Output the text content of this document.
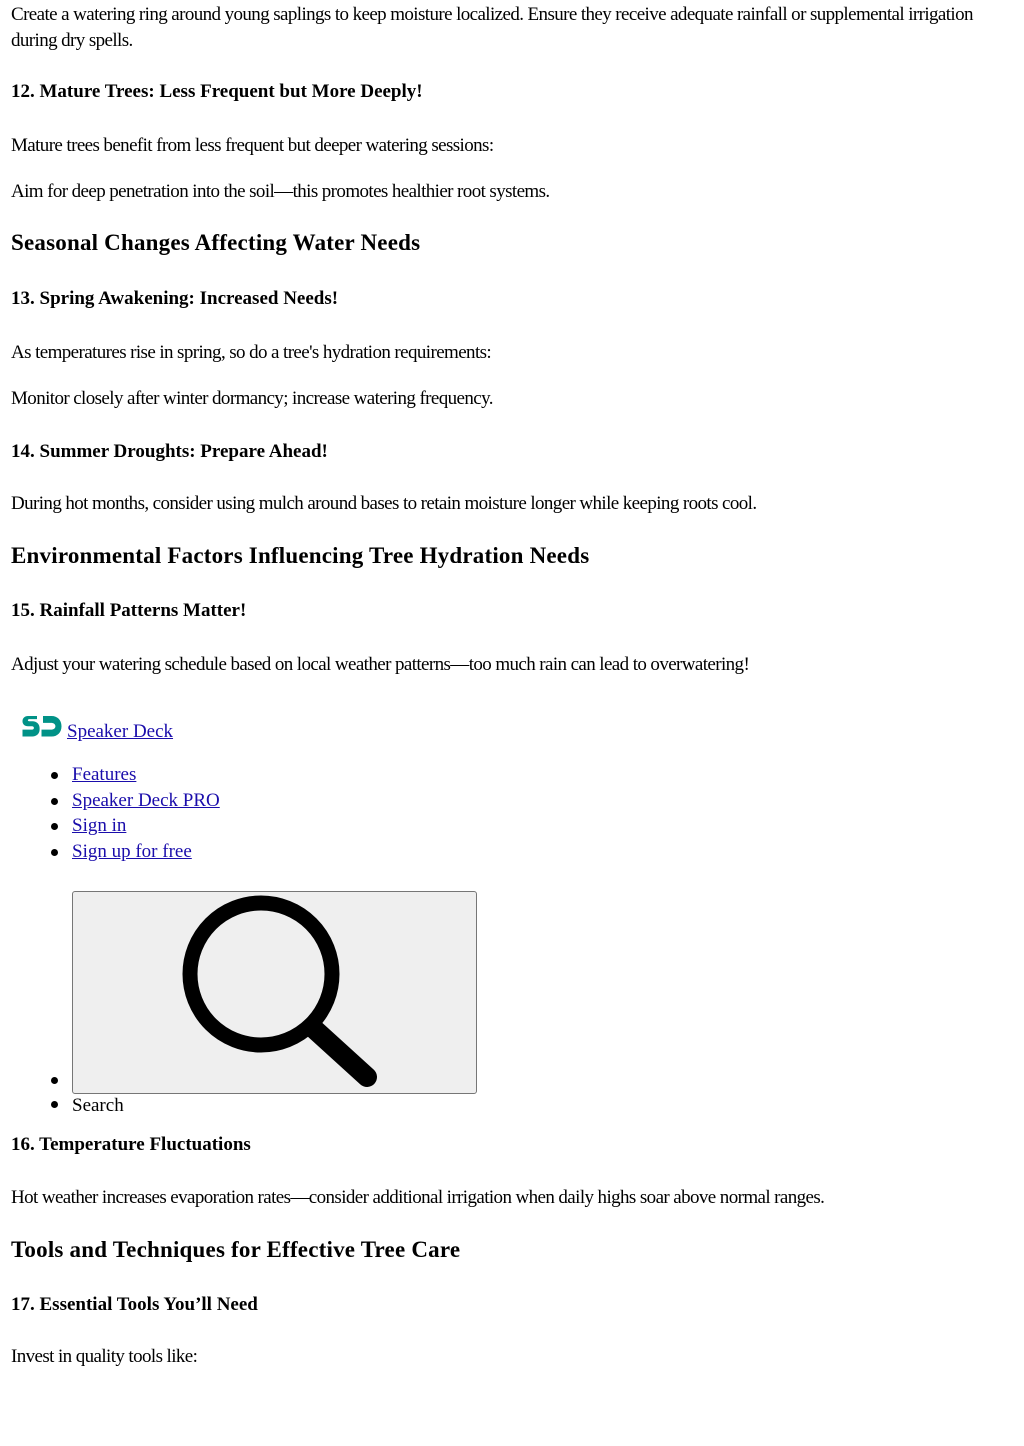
Create a watering ring around young saplings to keep moisture localized. Ensure they receive adequate rainfall or supplemental irrigation during dry spells.

12. Mature Trees: Less Frequent but More Deeply!

Mature trees benefit from less frequent but deeper watering sessions:

Aim for deep penetration into the soil—this promotes healthier root systems.

Seasonal Changes Affecting Water Needs
13. Spring Awakening: Increased Needs!

As temperatures rise in spring, so do a tree's hydration requirements:

Monitor closely after winter dormancy; increase watering frequency.

14. Summer Droughts: Prepare Ahead!

During hot months, consider using mulch around bases to retain moisture longer while keeping roots cool.

Environmental Factors Influencing Tree Hydration Needs
15. Rainfall Patterns Matter!

Adjust your watering schedule based on local weather patterns—too much rain can lead to overwatering!

16. Temperature Fluctuations

Hot weather increases evaporation rates—consider additional irrigation when daily highs soar above normal ranges.

Tools and Techniques for Effective Tree Care
17. Essential Tools You’ll Need

Invest in quality tools like:

Speaker Deck
Features
Speaker Deck PRO
Sign in
Sign up for free
Search
